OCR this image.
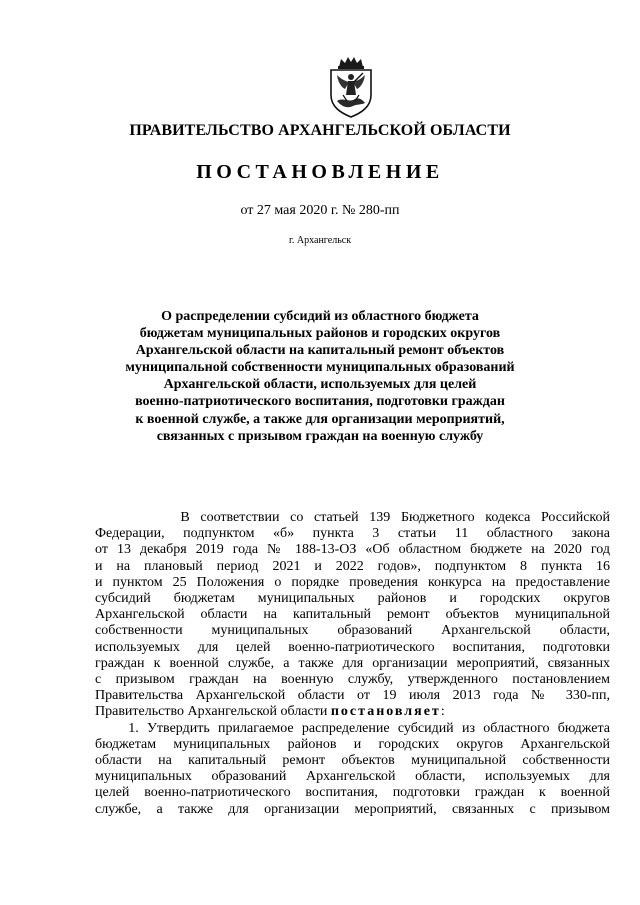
ПРАВИТЕЛЬСТВО АРХАНГЕЛЬСКОЙ ОБЛАСТИ
ПОСТАНОВЛЕНИЕ
от 27 мая 2020 г. № 280-пп
г. Архангельск
О распределении субсидий из областного бюджета
бюджетам муниципальных районов и городских округов
Архангельской области на капитальный ремонт объектов
муниципальной собственности муниципальных образований
Архангельской области, используемых для целей
военно-патриотического воспитания, подготовки граждан
к военной службе, а также для организации мероприятий,
связанных с призывом граждан на военную службу
В соответствии со статьей 139 Бюджетного кодекса Российской
Федерации, подпунктом «б» пункта 3 статьи 11 областного закона
от 13 декабря 2019 года № 188-13-ОЗ «Об областном бюджете на 2020 год
и на плановый период 2021 и 2022 годов», подпунктом 8 пункта 16
и пунктом 25 Положения о порядке проведения конкурса на предоставление
субсидий бюджетам муниципальных районов и городских округов
Архангельской области на капитальный ремонт объектов муниципальной
собственности муниципальных образований Архангельской области,
используемых для целей военно-патриотического воспитания, подготовки
граждан к военной службе, а также для организации мероприятий, связанных
с призывом граждан на военную службу, утвержденного постановлением
Правительства Архангельской области от 19 июля 2013 года № 330-пп,
Правительство Архангельской области постановляет:
1. Утвердить прилагаемое распределение субсидий из областного бюджета
бюджетам муниципальных районов и городских округов Архангельской
области на капитальный ремонт объектов муниципальной собственности
муниципальных образований Архангельской области, используемых для
целей военно-патриотического воспитания, подготовки граждан к военной
службе, а также для организации мероприятий, связанных с призывом
